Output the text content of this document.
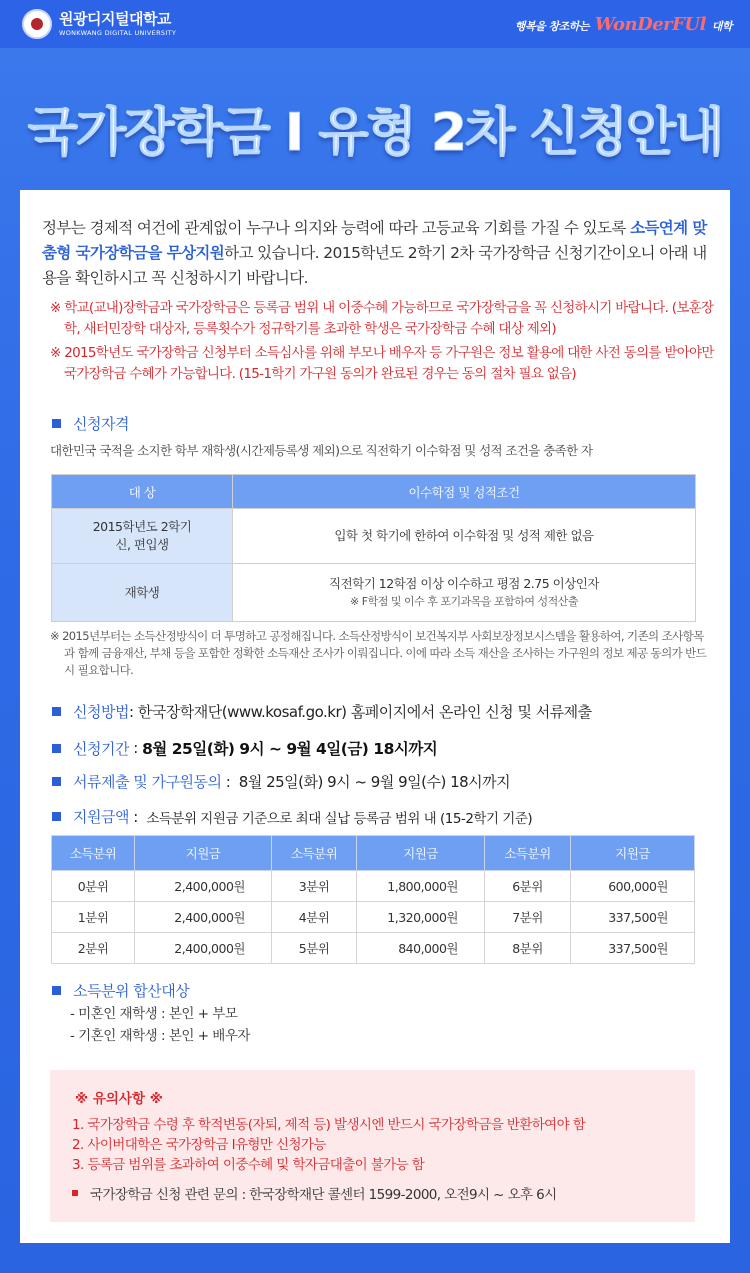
원광디지털대학교
WONKWANG DIGITAL UNIVERSITY
행복을 창조하는 WonDerFUl 대학
국가장학금 Ⅰ 유형 2차 신청안내

정부는 경제적 여건에 관계없이 누구나 의지와 능력에 따라 고등교육 기회를 가질 수 있도록 소득연계 맞춤형 국가장학금을 무상지원하고 있습니다. 2015학년도 2학기 2차 국가장학금 신청기간이오니 아래 내용을 확인하시고 꼭 신청하시기 바랍니다.

※ 학교(교내)장학금과 국가장학금은 등록금 범위 내 이중수혜 가능하므로 국가장학금을 꼭 신청하시기 바랍니다. (보훈장학, 새터민장학 대상자, 등록횟수가 정규학기를 초과한 학생은 국가장학금 수혜 대상 제외)

※ 2015학년도 국가장학금 신청부터 소득심사를 위해 부모나 배우자 등 가구원은 정보 활용에 대한 사전 동의를 받아야만 국가장학금 수혜가 가능합니다. (15-1학기 가구원 동의가 완료된 경우는 동의 절차 필요 없음)

신청자격

대한민국 국적을 소지한 학부 재학생(시간제등록생 제외)으로 직전학기 이수학점 및 성적 조건을 충족한 자

대 상	이수학점 및 성적조건

2015학년도 2학기
신, 편입생	입학 첫 학기에 한하여 이수학점 및 성적 제한 없음
재학생	직전학기 12학점 이상 이수하고 평점 2.75 이상인자
※ F학점 및 이수 후 포기과목을 포함하여 성적산출

※ 2015년부터는 소득산정방식이 더 투명하고 공정해집니다. 소득산정방식이 보건복지부 사회보장정보시스템을 활용하여, 기존의 조사항목과 함께 금융재산, 부채 등을 포함한 정확한 소득재산 조사가 이뤄집니다. 이에 따라 소득 재산을 조사하는 가구원의 정보 제공 동의가 반드시 필요합니다.

신청방법 : 한국장학재단(www.kosaf.go.kr) 홈페이지에서 온라인 신청 및 서류제출
신청기간 : 8월 25일(화) 9시 ~ 9월 4일(금) 18시까지
서류제출 및 가구원동의 : 8월 25일(화) 9시 ~ 9월 9일(수) 18시까지
지원금액 : 소득분위 지원금 기준으로 최대 실납 등록금 범위 내 (15-2학기 기준)
소득분위	지원금	소득분위	지원금	소득분위	지원금
0분위	2,400,000원	3분위	1,800,000원	6분위	600,000원
1분위	2,400,000원	4분위	1,320,000원	7분위	337,500원
2분위	2,400,000원	5분위	840,000원	8분위	337,500원
소득분위 합산대상
- 미혼인 재학생 : 본인 + 부모
- 기혼인 재학생 : 본인 + 배우자
※ 유의사항 ※
1. 국가장학금 수령 후 학적변동(자퇴, 제적 등) 발생시엔 반드시 국가장학금을 반환하여야 함
2. 사이버대학은 국가장학금 Ⅰ유형만 신청가능
3. 등록금 범위를 초과하여 이중수혜 및 학자금대출이 불가능 함
국가장학금 신청 관련 문의 : 한국장학재단 콜센터 1599-2000, 오전9시 ~ 오후 6시
